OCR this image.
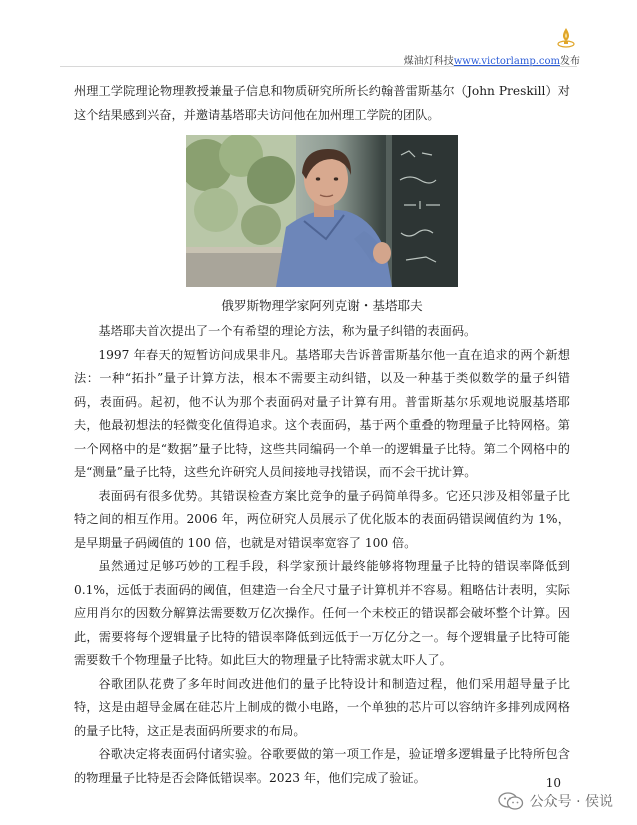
煤油灯科技www.victorlamp.com发布

州理工学院理论物理教授兼量子信息和物质研究所所长约翰普雷斯基尔（John Preskill）对这个结果感到兴奋，并邀请基塔耶夫访问他在加州理工学院的团队。

俄罗斯物理学家阿列克谢・基塔耶夫

基塔耶夫首次提出了一个有希望的理论方法，称为量子纠错的表面码。

1997 年春天的短暂访问成果非凡。基塔耶夫告诉普雷斯基尔他一直在追求的两个新想法：一种“拓扑”量子计算方法，根本不需要主动纠错，以及一种基于类似数学的量子纠错码，表面码。起初，他不认为那个表面码对量子计算有用。普雷斯基尔乐观地说服基塔耶夫，他最初想法的轻微变化值得追求。这个表面码，基于两个重叠的物理量子比特网格。第一个网格中的是“数据”量子比特，这些共同编码一个单一的逻辑量子比特。第二个网格中的是“测量”量子比特，这些允许研究人员间接地寻找错误，而不会干扰计算。

表面码有很多优势。其错误检查方案比竞争的量子码简单得多。它还只涉及相邻量子比特之间的相互作用。2006 年，两位研究人员展示了优化版本的表面码错误阈值约为 1%，是早期量子码阈值的 100 倍，也就是对错误率宽容了 100 倍。

虽然通过足够巧妙的工程手段，科学家预计最终能够将物理量子比特的错误率降低到 0.1%，远低于表面码的阈值，但建造一台全尺寸量子计算机并不容易。粗略估计表明，实际应用肖尔的因数分解算法需要数万亿次操作。任何一个未校正的错误都会破坏整个计算。因此，需要将每个逻辑量子比特的错误率降低到远低于一万亿分之一。每个逻辑量子比特可能需要数千个物理量子比特。如此巨大的物理量子比特需求就太吓人了。

谷歌团队花费了多年时间改进他们的量子比特设计和制造过程，他们采用超导量子比特，这是由超导金属在硅芯片上制成的微小电路，一个单独的芯片可以容纳许多排列成网格的量子比特，这正是表面码所要求的布局。

谷歌决定将表面码付诸实验。谷歌要做的第一项工作是，验证增多逻辑量子比特所包含的物理量子比特是否会降低错误率。2023 年，他们完成了验证。	10
公众号 · 侯说
